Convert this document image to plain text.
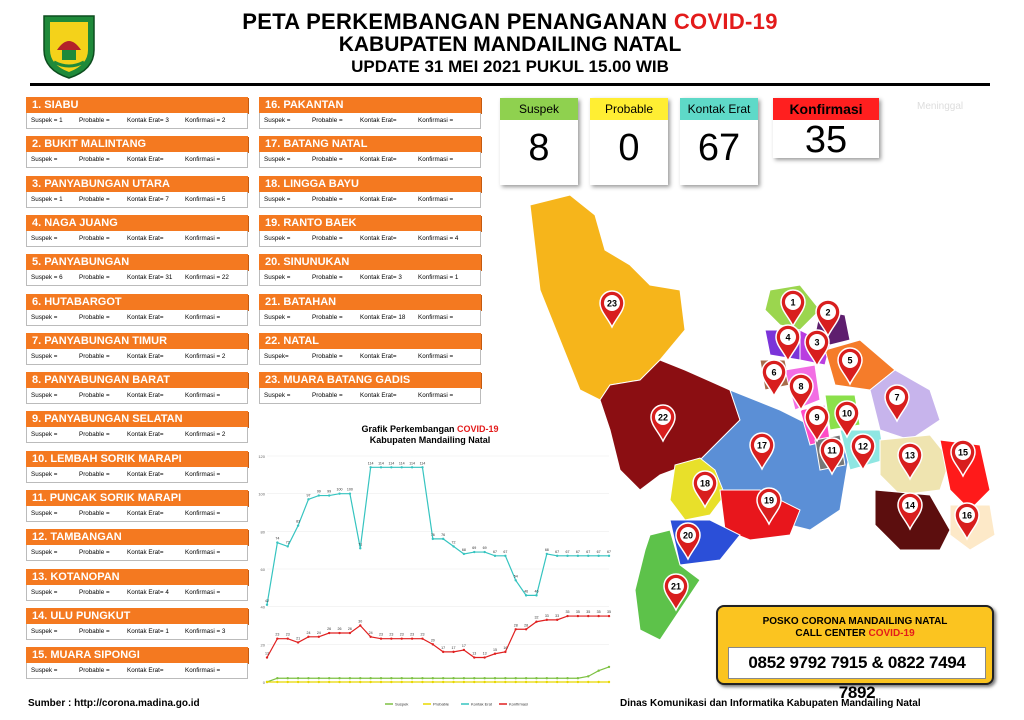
PETA PERKEMBANGAN PENANGANAN COVID-19
KABUPATEN MANDAILING NATAL
UPDATE 31 MEI 2021 PUKUL 15.00 WIB
1. SIABU
Suspek = 1	Probable =	Kontak Erat= 3	Konfirmasi = 2
2. BUKIT MALINTANG
Suspek =	Probable =	Kontak Erat=	Konfirmasi =
3. PANYABUNGAN UTARA
Suspek = 1	Probable =	Kontak Erat= 7	Konfirmasi = 5
4. NAGA JUANG
Suspek =	Probable =	Kontak Erat=	Konfirmasi =
5. PANYABUNGAN
Suspek = 6	Probable =	Kontak Erat= 31	Konfirmasi = 22
6. HUTABARGOT
Suspek =	Probable =	Kontak Erat=	Konfirmasi =
7. PANYABUNGAN TIMUR
Suspek =	Probable =	Kontak Erat=	Konfirmasi = 2
8. PANYABUNGAN BARAT
Suspek =	Probable =	Kontak Erat=	Konfirmasi =
9. PANYABUNGAN SELATAN
Suspek =	Probable =	Kontak Erat=	Konfirmasi = 2
10. LEMBAH SORIK MARAPI
Suspek =	Probable =	Kontak Erat=	Konfirmasi =
11. PUNCAK SORIK MARAPI
Suspek =	Probable =	Kontak Erat=	Konfirmasi =
12. TAMBANGAN
Suspek =	Probable =	Kontak Erat=	Konfirmasi =
13. KOTANOPAN
Suspek =	Probable =	Kontak Erat= 4	Konfirmasi =
14. ULU PUNGKUT
Suspek =	Probable =	Kontak Erat= 1	Konfirmasi = 3
15. MUARA SIPONGI
Suspek =	Probable =	Kontak Erat=	Konfirmasi =
16. PAKANTAN
Suspek =	Probable =	Kontak Erat=	Konfirmasi =
17. BATANG NATAL
Suspek =	Probable =	Kontak Erat=	Konfirmasi =
18. LINGGA BAYU
Suspek =	Probable =	Kontak Erat=	Konfirmasi =
19. RANTO BAEK
Suspek =	Probable =	Kontak Erat=	Konfirmasi = 4
20. SINUNUKAN
Suspek =	Probable =	Kontak Erat= 3	Konfirmasi = 1
21. BATAHAN
Suspek =	Probable =	Kontak Erat= 18	Konfirmasi =
22. NATAL
Suspek=	Probable =	Kontak Erat=	Konfirmasi =
23. MUARA BATANG GADIS
Suspek =	Probable =	Kontak Erat=	Konfirmasi =
Suspek
8
Probable
0
Kontak Erat
67
Konfirmasi
35
Meninggal
Grafik Perkembangan COVID-19
Kabupaten Mandailing Natal
0
20
40
60
80
100
120
42
74
72
83
97
99 99 100 100
71
114 114 114 114 114 114
76 76
72
68 69 69
67 67
54
46 46
68 67 67 67 67 67 67
13
23 23
21
24 24
26 26 26
30
24 23 23 23 23 23
20
17 17 17
13 13
15 16
28 28
32 33 33
35 35 35 35 35
Suspek	Probable	Kontak Erat	Konfirmasi
1
2
3
4
5
6
7
8
9 10
11 12
13
14
15
16
17
18
19
20
21
22
23
POSKO CORONA MANDAILING NATAL
CALL CENTER COVID-19
0852 9792 7915 & 0822 7494 7892
Sumber : http://corona.madina.go.id	Dinas Komunikasi dan Informatika Kabupaten Mandailing Natal
